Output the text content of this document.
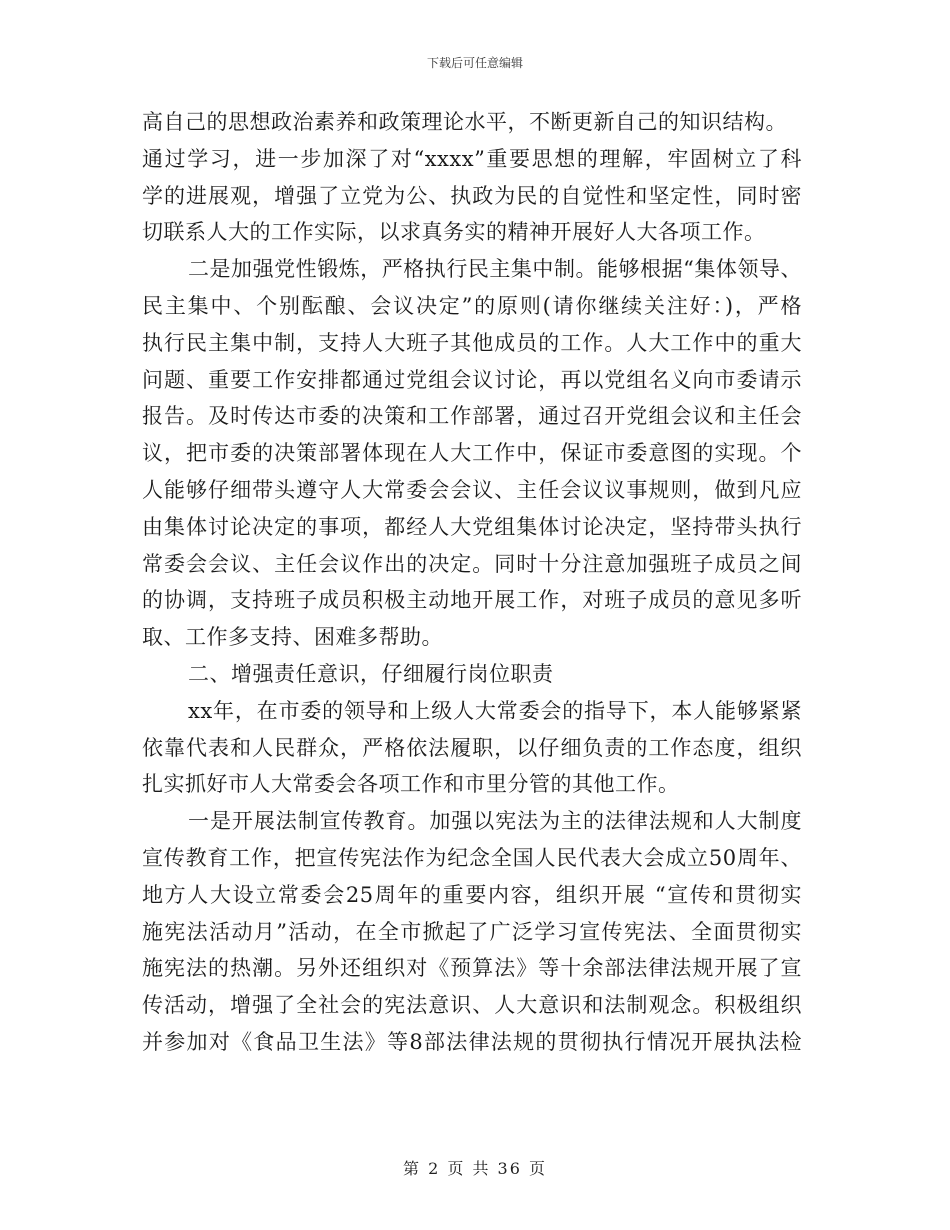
下载后可任意编辑
高自己的思想政治素养和政策理论水平，不断更新自己的知识结构。
通过学习，进一步加深了对“xxxx”重要思想的理解，牢固树立了科
学的进展观，增强了立党为公、执政为民的自觉性和坚定性，同时密
切联系人大的工作实际，以求真务实的精神开展好人大各项工作。
二是加强党性锻炼，严格执行民主集中制。能够根据“集体领导、
民主集中、个别酝酿、会议决定”的原则(请你继续关注好：)，严格
执行民主集中制，支持人大班子其他成员的工作。人大工作中的重大
问题、重要工作安排都通过党组会议讨论，再以党组名义向市委请示
报告。及时传达市委的决策和工作部署，通过召开党组会议和主任会
议，把市委的决策部署体现在人大工作中，保证市委意图的实现。个
人能够仔细带头遵守人大常委会会议、主任会议议事规则，做到凡应
由集体讨论决定的事项，都经人大党组集体讨论决定，坚持带头执行
常委会会议、主任会议作出的决定。同时十分注意加强班子成员之间
的协调，支持班子成员积极主动地开展工作，对班子成员的意见多听
取、工作多支持、困难多帮助。
二、增强责任意识，仔细履行岗位职责
xx年，在市委的领导和上级人大常委会的指导下，本人能够紧紧
依靠代表和人民群众，严格依法履职，以仔细负责的工作态度，组织
扎实抓好市人大常委会各项工作和市里分管的其他工作。
一是开展法制宣传教育。加强以宪法为主的法律法规和人大制度
宣传教育工作，把宣传宪法作为纪念全国人民代表大会成立50周年、
地方人大设立常委会25周年的重要内容，组织开展 “宣传和贯彻实
施宪法活动月”活动，在全市掀起了广泛学习宣传宪法、全面贯彻实
施宪法的热潮。另外还组织对《预算法》等十余部法律法规开展了宣
传活动，增强了全社会的宪法意识、人大意识和法制观念。积极组织
并参加对《食品卫生法》等8部法律法规的贯彻执行情况开展执法检
第 2 页 共 36 页
